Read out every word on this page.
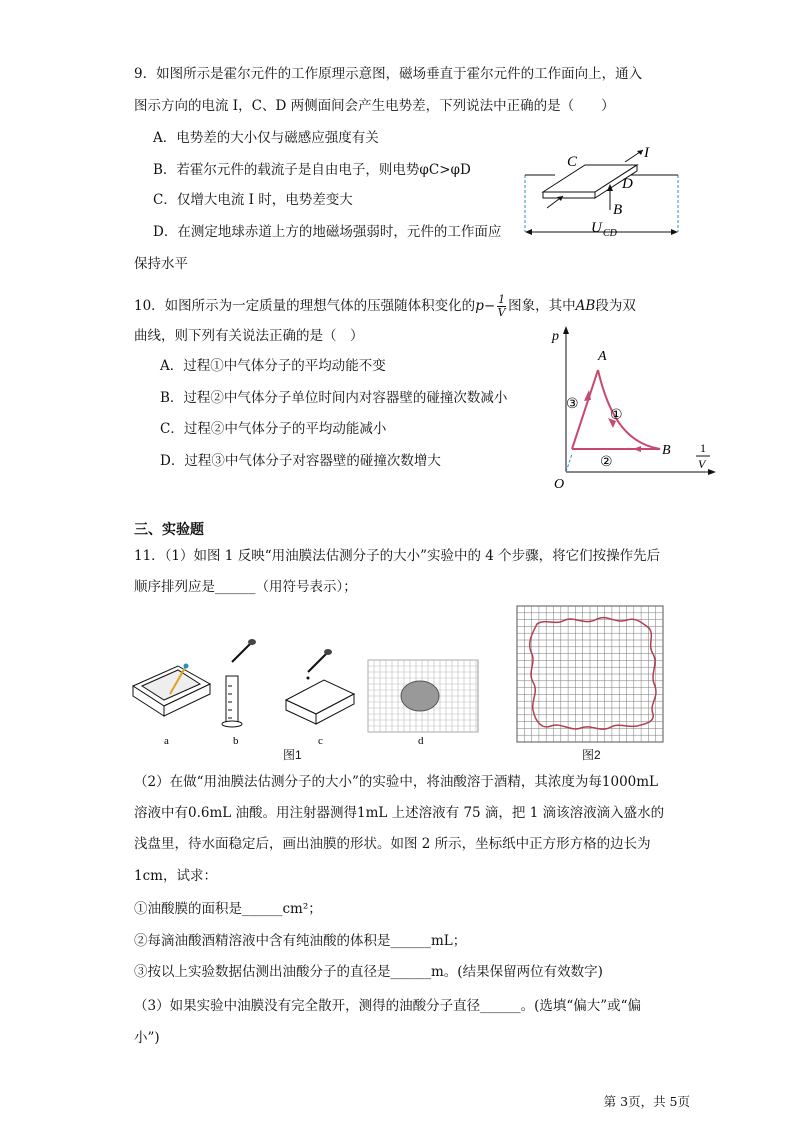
9．如图所示是霍尔元件的工作原理示意图，磁场垂直于霍尔元件的工作面向上，通入
图示方向的电流 I，C、D 两侧面间会产生电势差，下列说法中正确的是（　　）
A．电势差的大小仅与磁感应强度有关
B．若霍尔元件的载流子是自由电子，则电势φC>φD
C．仅增大电流 I 时，电势差变大
D．在测定地球赤道上方的地磁场强弱时，元件的工作面应
保持水平
C
I
D
B
U CD
10．如图所示为一定质量的理想气体的压强随体积变化的$p- \frac{1}{V}$ 图象，其中AB段为双
曲线，则下列有关说法正确的是（　）
A．过程①中气体分子的平均动能不变
B．过程②中气体分子单位时间内对容器壁的碰撞次数减小
C．过程②中气体分子的平均动能减小
D．过程③中气体分子对容器壁的碰撞次数增大
p
A
B
O
①
②
③
1
V
三、实验题
11．（1）如图 1 反映“用油膜法估测分子的大小”实验中的 4 个步骤，将它们按操作先后
顺序排列应是______（用符号表示）；
a	b	c	d
图1	图2
（2）在做“用油膜法估测分子的大小”的实验中，将油酸溶于酒精，其浓度为每1000mL
溶液中有0.6mL 油酸。用注射器测得1mL 上述溶液有 75 滴，把 1 滴该溶液滴入盛水的
浅盘里，待水面稳定后，画出油膜的形状。如图 2 所示，坐标纸中正方形方格的边长为
1cm，试求：
①油酸膜的面积是______cm²；
②每滴油酸酒精溶液中含有纯油酸的体积是______mL；
③按以上实验数据估测出油酸分子的直径是______m。(结果保留两位有效数字)
（3）如果实验中油膜没有完全散开，测得的油酸分子直径______。(选填“偏大”或“偏
小”)
第 3页，共 5页
